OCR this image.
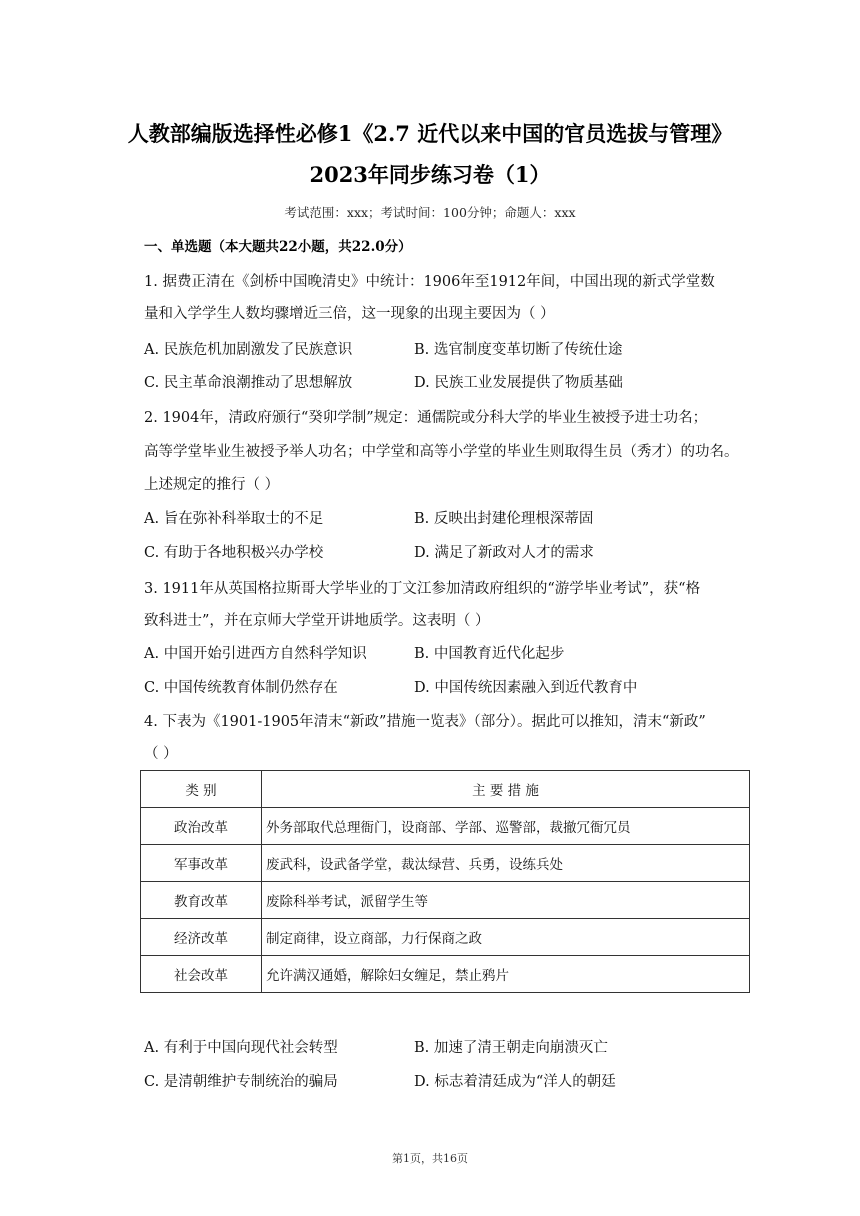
人教部编版选择性必修1《2.7 近代以来中国的官员选拔与管理》
2023年同步练习卷（1）
考试范围：xxx；考试时间：100分钟；命题人：xxx
一、单选题（本大题共22小题，共22.0分）
1. 据费正清在《剑桥中国晚清史》中统计：1906年至1912年间，中国出现的新式学堂数
量和入学学生人数均骤增近三倍，这一现象的出现主要因为（ ）
A. 民族危机加剧激发了民族意识	B. 选官制度变革切断了传统仕途
C. 民主革命浪潮推动了思想解放	D. 民族工业发展提供了物质基础
2. 1904年，清政府颁行“癸卯学制”规定：通儒院或分科大学的毕业生被授予进士功名；
高等学堂毕业生被授予举人功名；中学堂和高等小学堂的毕业生则取得生员（秀才）的功名。
上述规定的推行（ ）
A. 旨在弥补科举取士的不足	B. 反映出封建伦理根深蒂固
C. 有助于各地积极兴办学校	D. 满足了新政对人才的需求
3. 1911年从英国格拉斯哥大学毕业的丁文江参加清政府组织的“游学毕业考试”，获“格
致科进士”，并在京师大学堂开讲地质学。这表明（ ）
A. 中国开始引进西方自然科学知识	B. 中国教育近代化起步
C. 中国传统教育体制仍然存在	D. 中国传统因素融入到近代教育中
4. 下表为《1901-1905年清末“新政”措施一览表》（部分）。据此可以推知，清末“新政”
（ ）
类 别	主 要 措 施
政治改革	外务部取代总理衙门，设商部、学部、巡警部，裁撤冗衙冗员
军事改革	废武科，设武备学堂，裁汰绿营、兵勇，设练兵处
教育改革	废除科举考试，派留学生等
经济改革	制定商律，设立商部，力行保商之政
社会改革	允许满汉通婚，解除妇女缠足，禁止鸦片
A. 有利于中国向现代社会转型	B. 加速了清王朝走向崩溃灭亡
C. 是清朝维护专制统治的骗局	D. 标志着清廷成为“洋人的朝廷
第1页，共16页
